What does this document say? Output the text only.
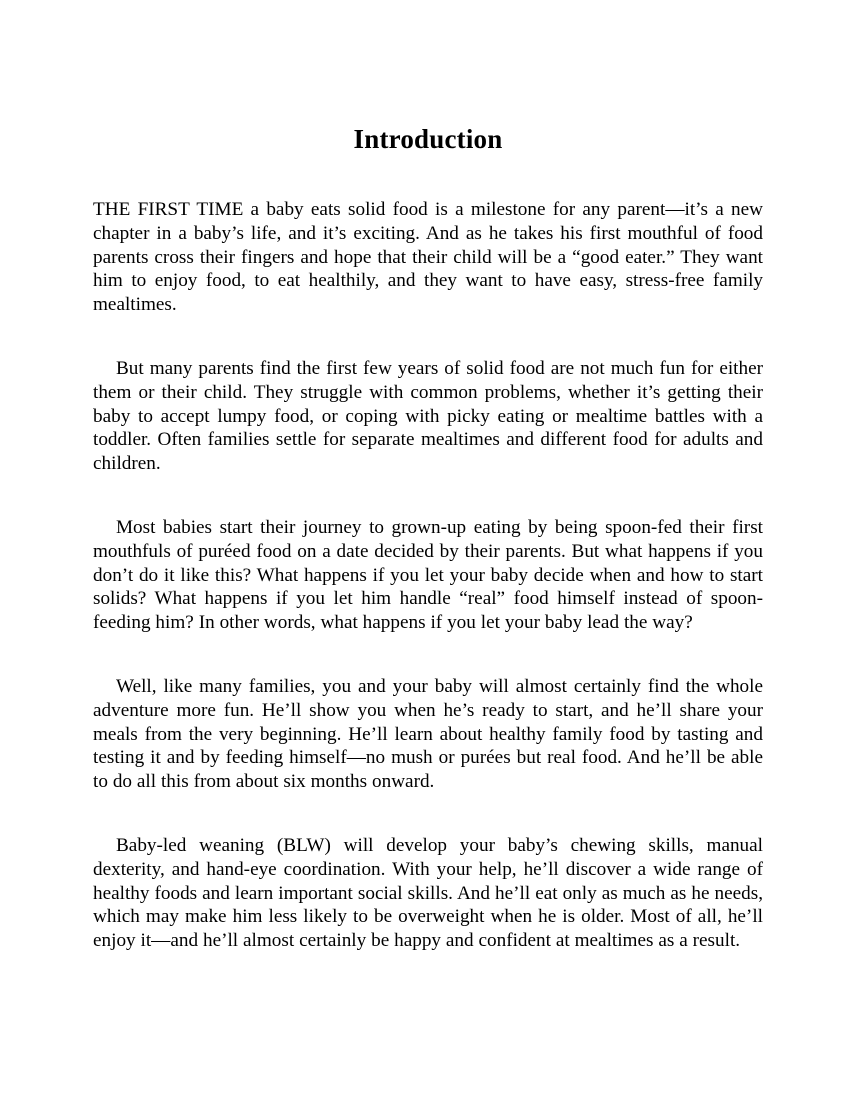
Introduction

THE FIRST TIME a baby eats solid food is a milestone for any parent—it’s a new chapter in a baby’s life, and it’s exciting. And as he takes his first mouthful of food parents cross their fingers and hope that their child will be a “good eater.” They want him to enjoy food, to eat healthily, and they want to have easy, stress-free family mealtimes.

But many parents find the first few years of solid food are not much fun for either them or their child. They struggle with common problems, whether it’s getting their baby to accept lumpy food, or coping with picky eating or mealtime battles with a toddler. Often families settle for separate mealtimes and different food for adults and children.

Most babies start their journey to grown-up eating by being spoon-fed their first mouthfuls of puréed food on a date decided by their parents. But what happens if you don’t do it like this? What happens if you let your baby decide when and how to start solids? What happens if you let him handle “real” food himself instead of spoon-feeding him? In other words, what happens if you let your baby lead the way?

Well, like many families, you and your baby will almost certainly find the whole adventure more fun. He’ll show you when he’s ready to start, and he’ll share your meals from the very beginning. He’ll learn about healthy family food by tasting and testing it and by feeding himself—no mush or purées but real food. And he’ll be able to do all this from about six months onward.

Baby-led weaning (BLW) will develop your baby’s chewing skills, manual dexterity, and hand-eye coordination. With your help, he’ll discover a wide range of healthy foods and learn important social skills. And he’ll eat only as much as he needs, which may make him less likely to be overweight when he is older. Most of all, he’ll enjoy it—and he’ll almost certainly be happy and confident at mealtimes as a result.
